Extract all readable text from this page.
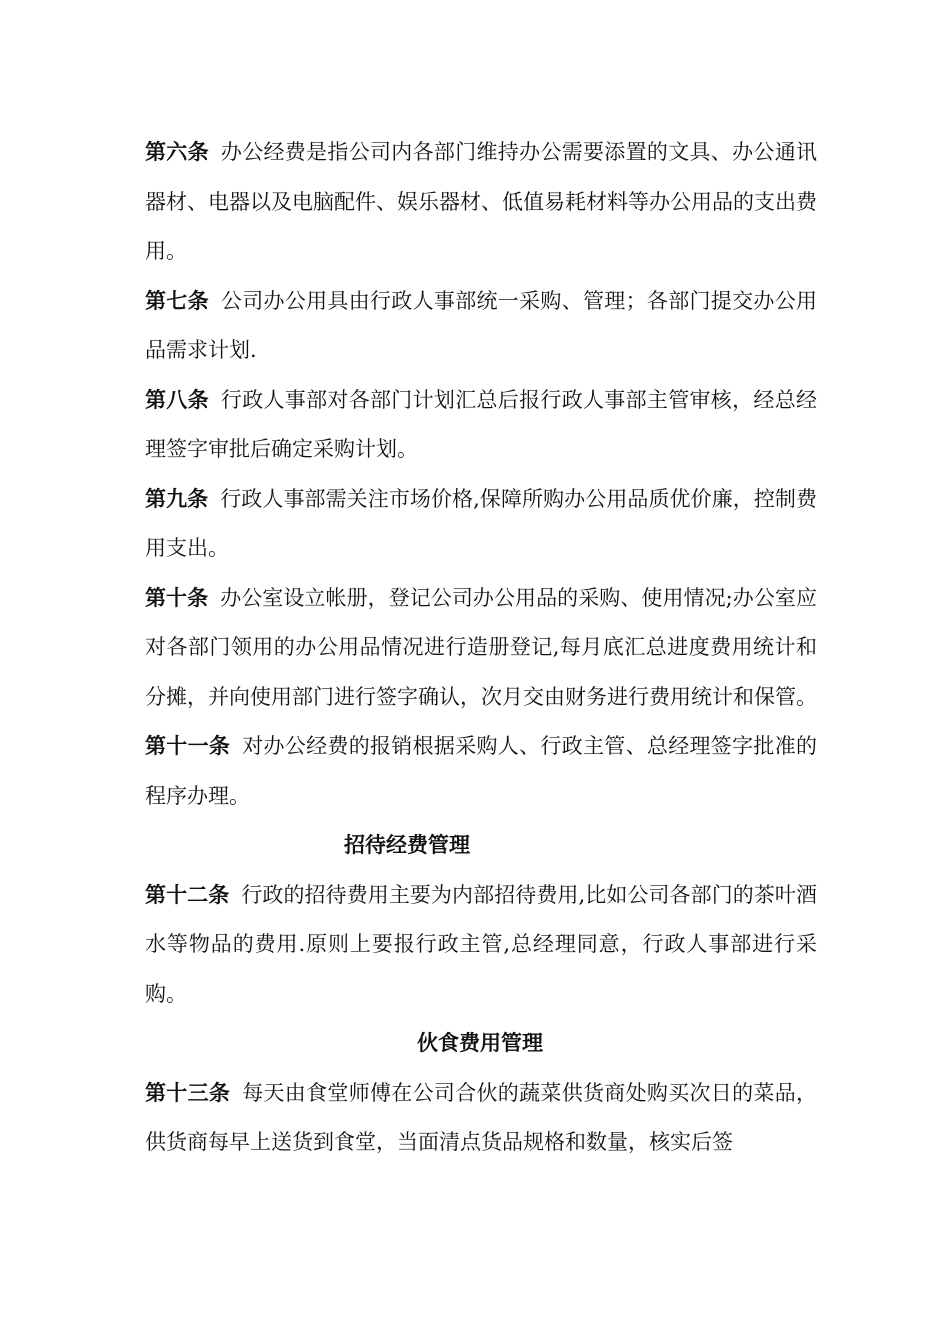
第六条 办公经费是指公司内各部门维持办公需要添置的文具、办公通讯器材、电器以及电脑配件、娱乐器材、低值易耗材料等办公用品的支出费用。

第七条 公司办公用具由行政人事部统一采购、管理；各部门提交办公用品需求计划.

第八条 行政人事部对各部门计划汇总后报行政人事部主管审核，经总经理签字审批后确定采购计划。

第九条 行政人事部需关注市场价格,保障所购办公用品质优价廉，控制费用支出。

第十条 办公室设立帐册，登记公司办公用品的采购、使用情况;办公室应对各部门领用的办公用品情况进行造册登记,每月底汇总进度费用统计和分摊，并向使用部门进行签字确认，次月交由财务进行费用统计和保管。

第十一条 对办公经费的报销根据采购人、行政主管、总经理签字批准的程序办理。

招待经费管理

第十二条 行政的招待费用主要为内部招待费用,比如公司各部门的茶叶酒水等物品的费用.原则上要报行政主管,总经理同意，行政人事部进行采购。

伙食费用管理

第十三条 每天由食堂师傅在公司合伙的蔬菜供货商处购买次日的菜品，供货商每早上送货到食堂，当面清点货品规格和数量，核实后签
